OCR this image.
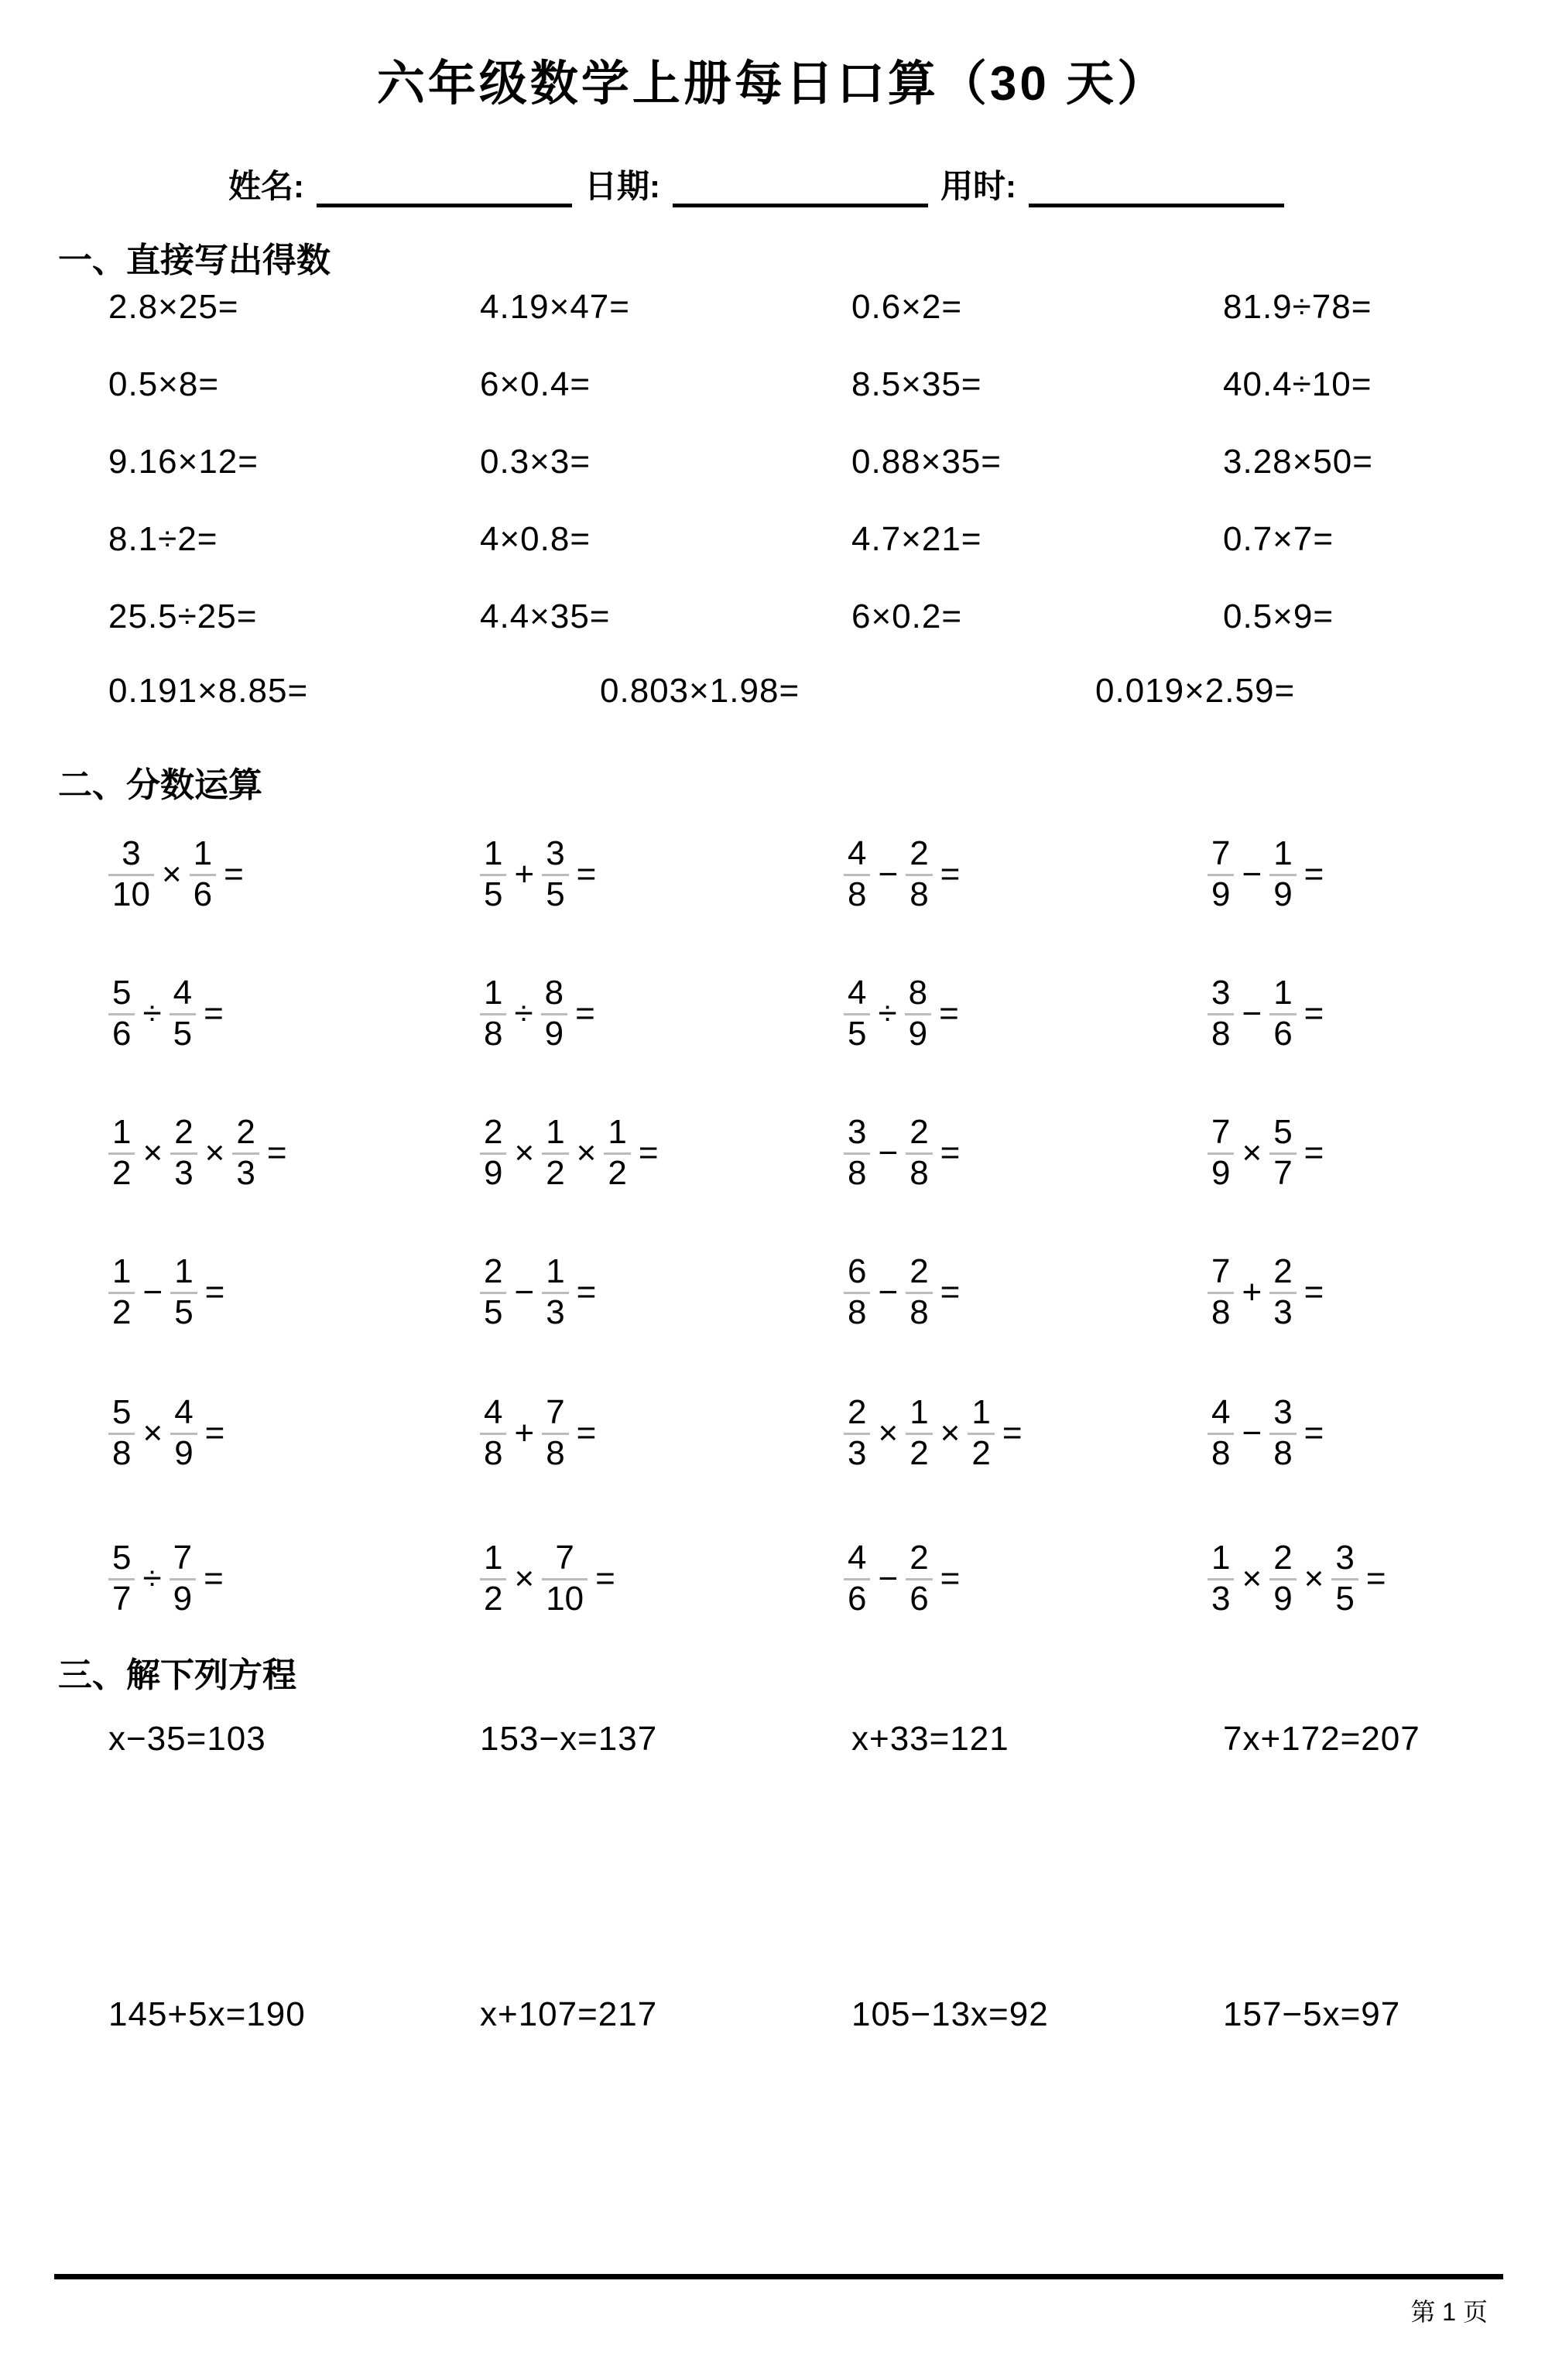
六年级数学上册每日口算（30 天）
姓名:	日期:	用时:
一、直接写出得数
2.8×25=	4.19×47=	0.6×2=	81.9÷78=
0.5×8=	6×0.4=	8.5×35=	40.4÷10=
9.16×12=	0.3×3=	0.88×35=	3.28×50=
8.1÷2=	4×0.8=	4.7×21=	0.7×7=
25.5÷25=	4.4×35=	6×0.2=	0.5×9=
0.191×8.85=	0.803×1.98=	0.019×2.59=
二、分数运算
$\frac{3}{10} \times \frac{1}{6}$ =	$\frac{1}{5} + \frac{3}{5}$ =	$\frac{4}{8} - \frac{2}{8}$ =	$\frac{7}{9} - \frac{1}{9}$ =
$\frac{5}{6} \div \frac{4}{5}$ =	$\frac{1}{8} \div \frac{8}{9}$ =	$\frac{4}{5} \div \frac{8}{9}$ =	$\frac{3}{8} - \frac{1}{6}$ =
$\frac{1}{2} \times \frac{2}{3} \times \frac{2}{3}$ =	$\frac{2}{9} \times \frac{1}{2} \times \frac{1}{2}$ =	$\frac{3}{8} - \frac{2}{8}$ =	$\frac{7}{9} \times \frac{5}{7}$ =
$\frac{1}{2} - \frac{1}{5}$ =	$\frac{2}{5} - \frac{1}{3}$ =	$\frac{6}{8} - \frac{2}{8}$ =	$\frac{7}{8} + \frac{2}{3}$ =
$\frac{5}{8} \times \frac{4}{9}$ =	$\frac{4}{8} + \frac{7}{8}$ =	$\frac{2}{3} \times \frac{1}{2} \times \frac{1}{2}$ =	$\frac{4}{8} - \frac{3}{8}$ =
$\frac{5}{7} \div \frac{7}{9}$ =	$\frac{1}{2} \times \frac{7}{10}$ =	$\frac{4}{6} - \frac{2}{6}$ =	$\frac{1}{3} \times \frac{2}{9} \times \frac{3}{5}$ =
三、解下列方程
x−35=103	153−x=137	x+33=121	7x+172=207
145+5x=190	x+107=217	105−13x=92	157−5x=97
第 1 页
